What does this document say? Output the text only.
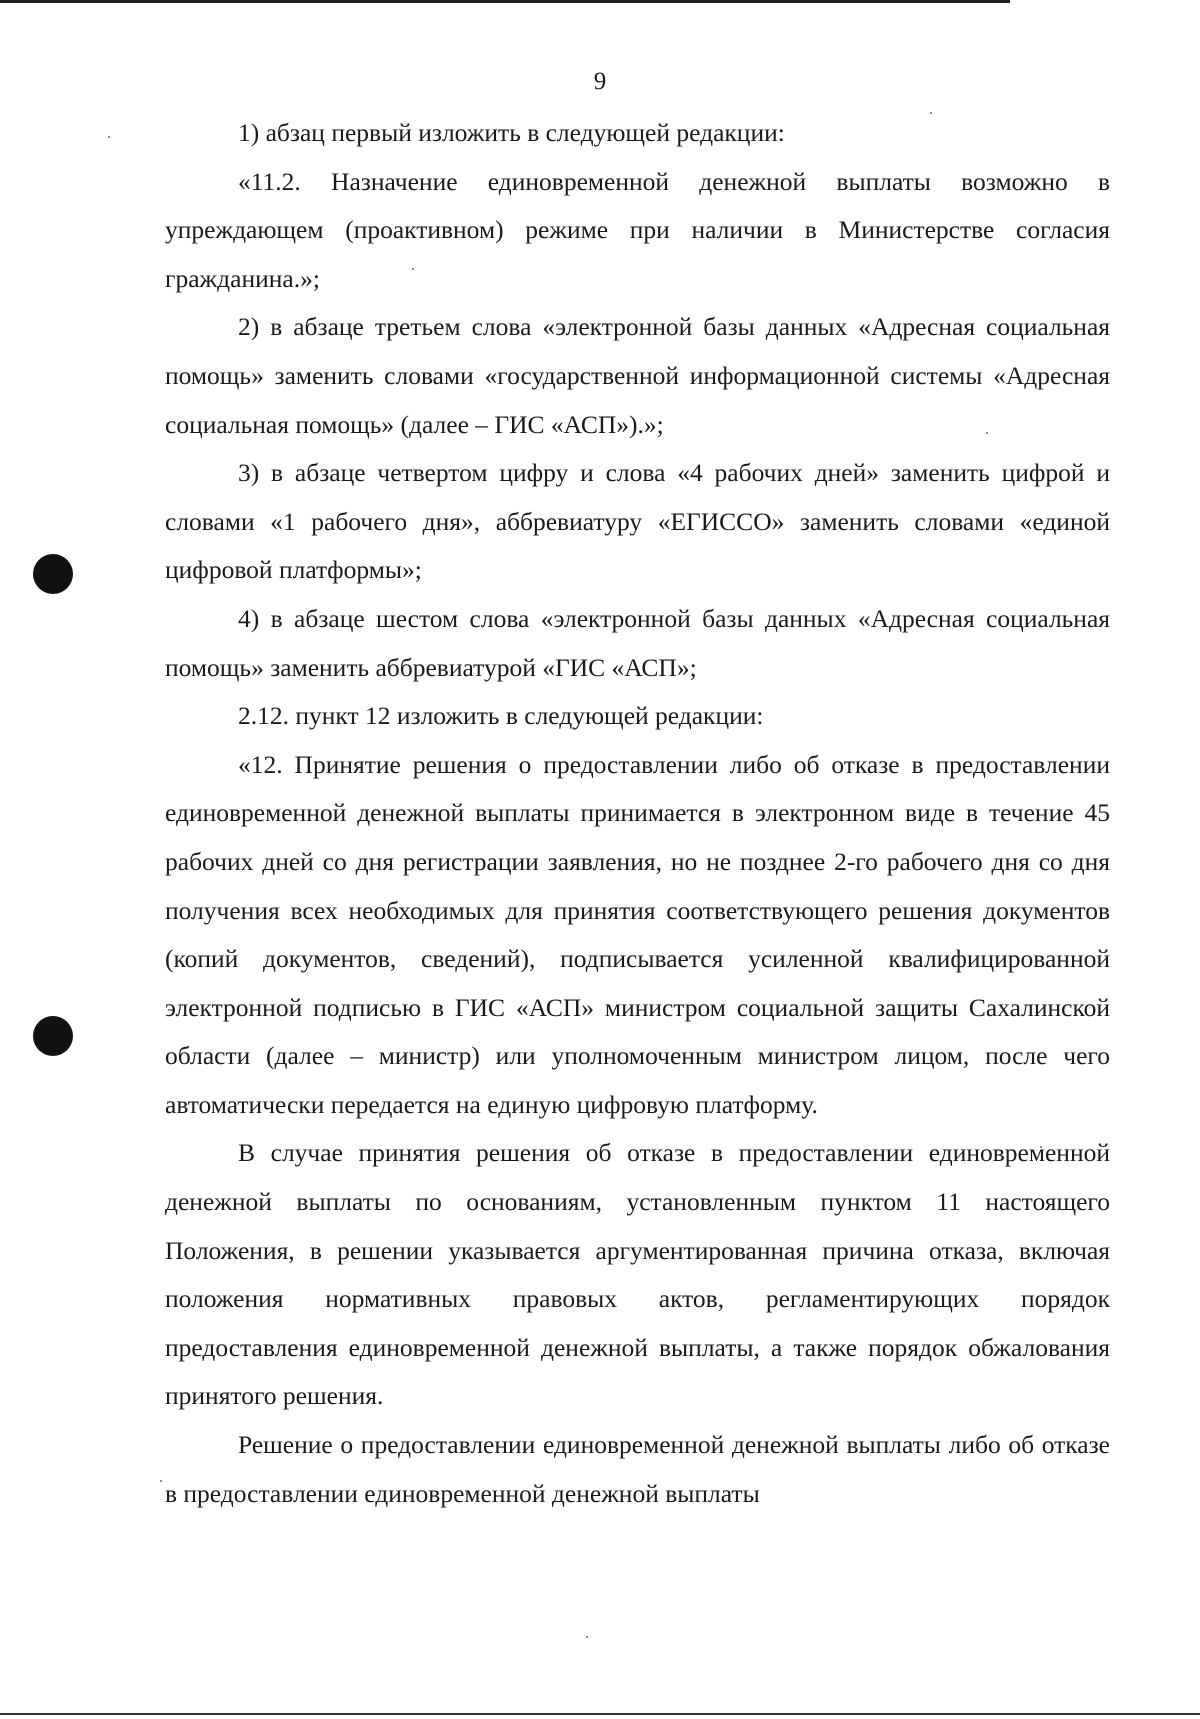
9

1) абзац первый изложить в следующей редакции:

«11.2. Назначение единовременной денежной выплаты возможно в упреждающем (проактивном) режиме при наличии в Министерстве согласия гражданина.»;

2) в абзаце третьем слова «электронной базы данных «Адресная социальная помощь» заменить словами «государственной информационной системы «Адресная социальная помощь» (далее – ГИС «АСП»).»;

3) в абзаце четвертом цифру и слова «4 рабочих дней» заменить цифрой и словами «1 рабочего дня», аббревиатуру «ЕГИССО» заменить словами «единой цифровой платформы»;

4) в абзаце шестом слова «электронной базы данных «Адресная социальная помощь» заменить аббревиатурой «ГИС «АСП»;

2.12. пункт 12 изложить в следующей редакции:

«12. Принятие решения о предоставлении либо об отказе в предоставлении единовременной денежной выплаты принимается в электронном виде в течение 45 рабочих дней со дня регистрации заявления, но не позднее 2-го рабочего дня со дня получения всех необходимых для принятия соответствующего решения документов (копий документов, сведений), подписывается усиленной квалифицированной электронной подписью в ГИС «АСП» министром социальной защиты Сахалинской области (далее – министр) или уполномоченным министром лицом, после чего автоматически передается на единую цифровую платформу.

В случае принятия решения об отказе в предоставлении единовременной денежной выплаты по основаниям, установленным пунктом 11 настоящего Положения, в решении указывается аргументированная причина отказа, включая положения нормативных правовых актов, регламентирующих порядок предоставления единовременной денежной выплаты, а также порядок обжалования принятого решения.

Решение о предоставлении единовременной денежной выплаты либо об отказе в предоставлении единовременной денежной выплаты
